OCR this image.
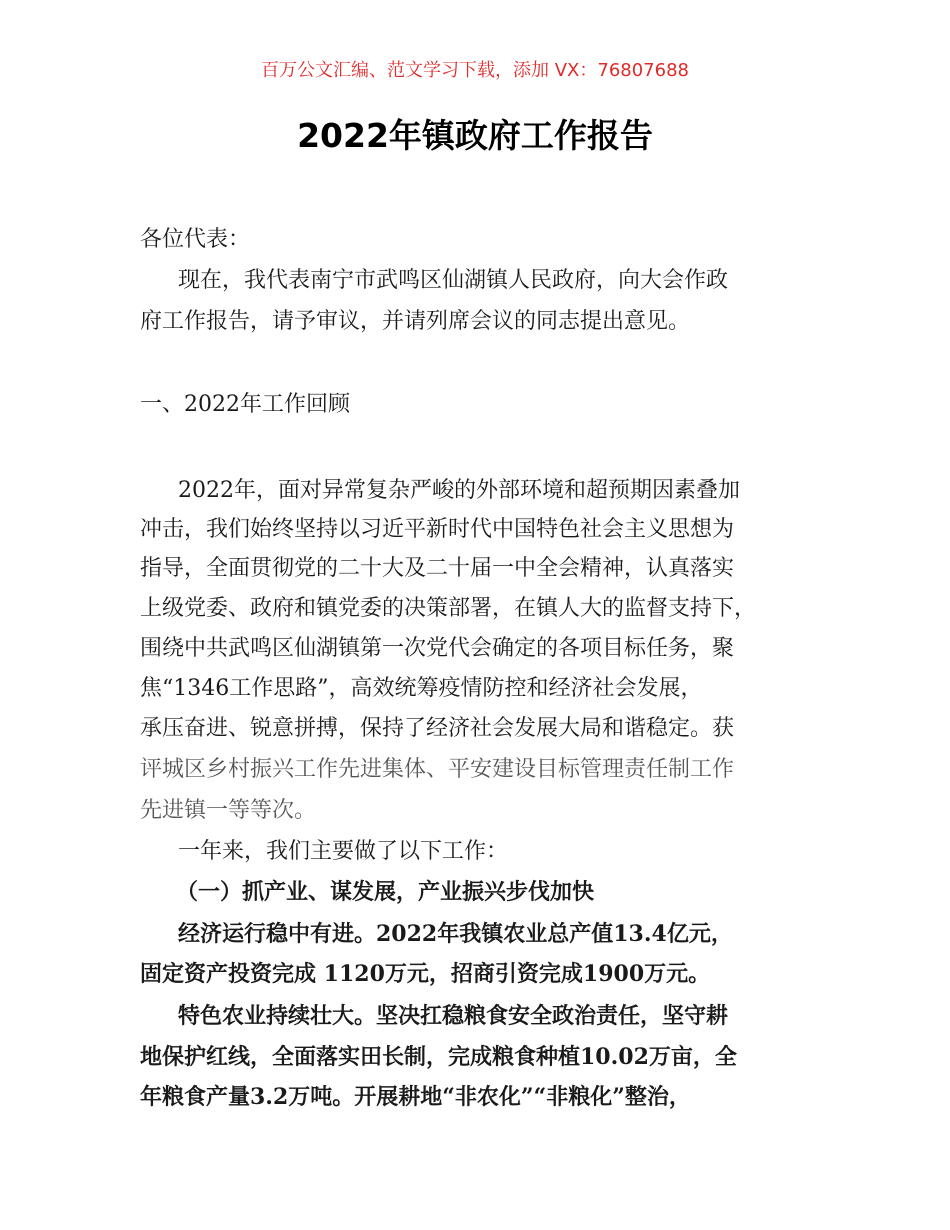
百万公文汇编、范文学习下载，添加 VX：76807688
2022年镇政府工作报告
各位代表：
现在，我代表南宁市武鸣区仙湖镇人民政府，向大会作政
府工作报告，请予审议，并请列席会议的同志提出意见。
一、2022年工作回顾
2022年，面对异常复杂严峻的外部环境和超预期因素叠加
冲击，我们始终坚持以习近平新时代中国特色社会主义思想为
指导，全面贯彻党的二十大及二十届一中全会精神，认真落实
上级党委、政府和镇党委的决策部署，在镇人大的监督支持下，
围绕中共武鸣区仙湖镇第一次党代会确定的各项目标任务，聚
焦“1346工作思路”，高效统筹疫情防控和经济社会发展，
承压奋进、锐意拼搏，保持了经济社会发展大局和谐稳定。获
评城区乡村振兴工作先进集体、平安建设目标管理责任制工作
先进镇一等等次。
一年来，我们主要做了以下工作：
（一）抓产业、谋发展，产业振兴步伐加快
经济运行稳中有进。2022年我镇农业总产值13.4亿元，
固定资产投资完成 1120万元，招商引资完成1900万元。
特色农业持续壮大。坚决扛稳粮食安全政治责任，坚守耕
地保护红线，全面落实田长制，完成粮食种植10.02万亩，全
年粮食产量3.2万吨。开展耕地“非农化”“非粮化”整治，
